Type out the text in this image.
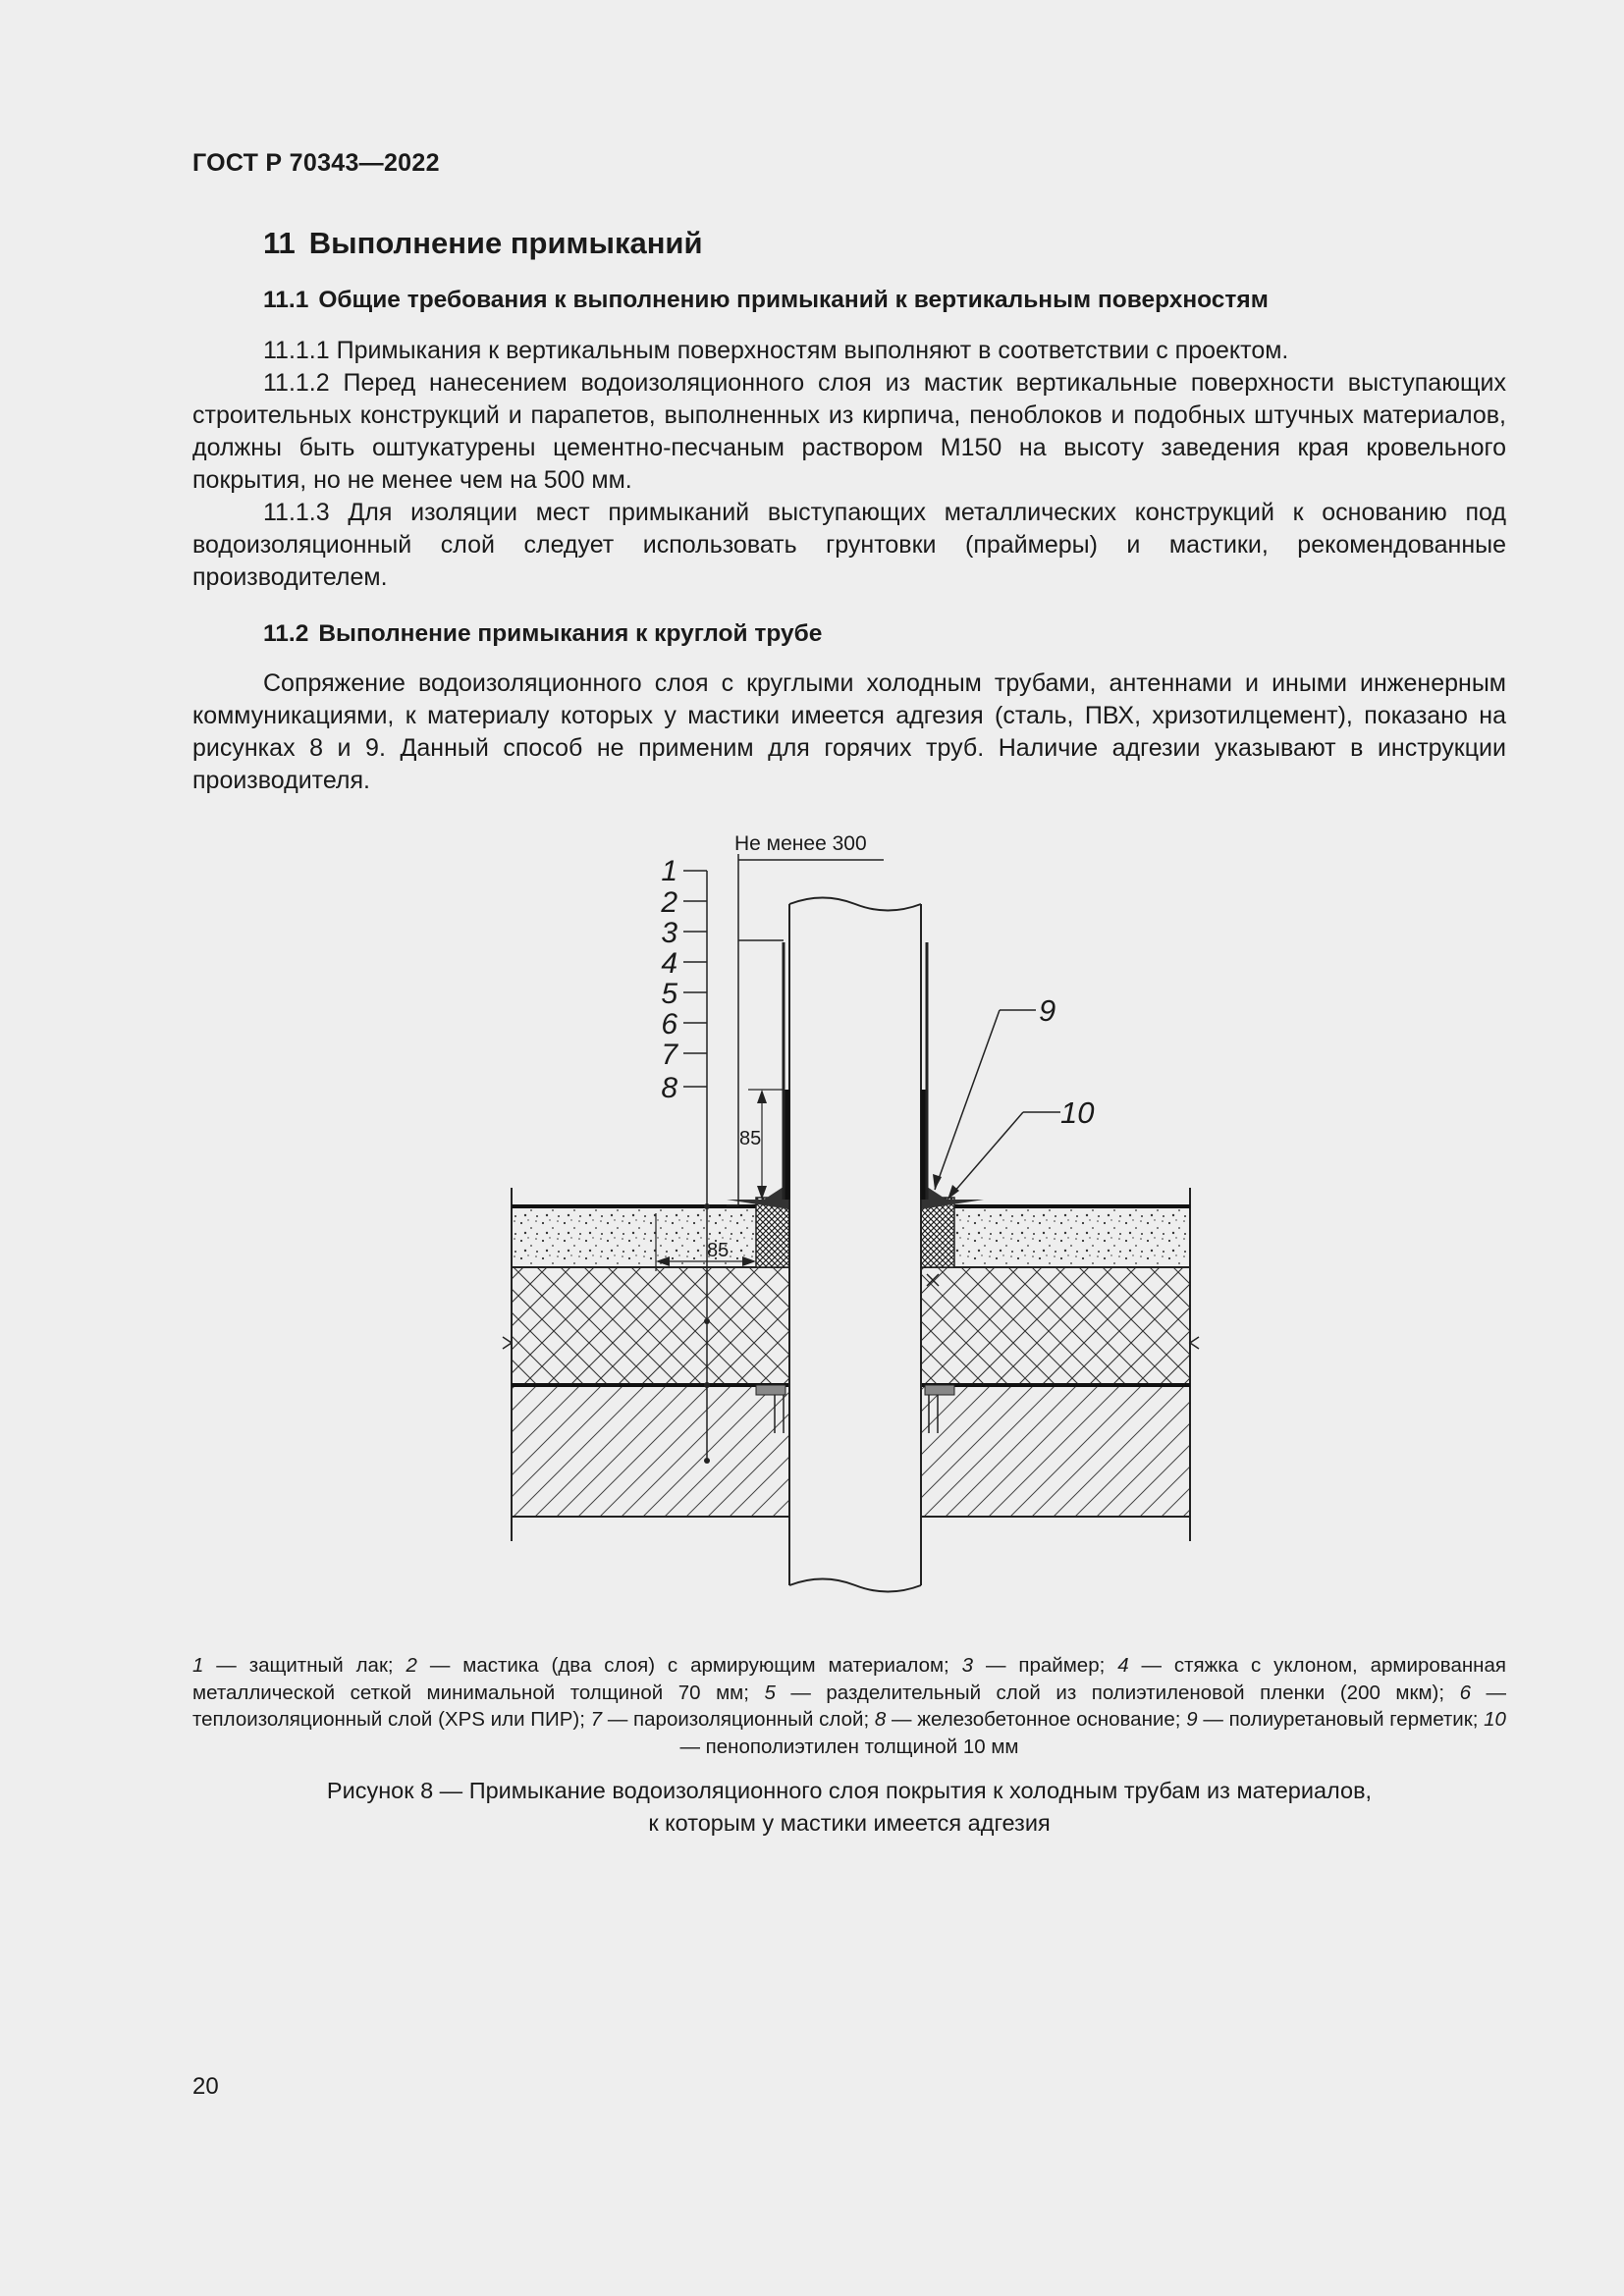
ГОСТ Р 70343—2022
11 Выполнение примыканий
11.1 Общие требования к выполнению примыканий к вертикальным поверхностям

11.1.1 Примыкания к вертикальным поверхностям выполняют в соответствии с проектом.

11.1.2 Перед нанесением водоизоляционного слоя из мастик вертикальные поверхности выступающих строительных конструкций и парапетов, выполненных из кирпича, пеноблоков и подобных штучных материалов, должны быть оштукатурены цементно-песчаным раствором М150 на высоту заведения края кровельного покрытия, но не менее чем на 500 мм.

11.1.3 Для изоляции мест примыканий выступающих металлических конструкций к основанию под водоизоляционный слой следует использовать грунтовки (праймеры) и мастики, рекомендованные производителем.

11.2 Выполнение примыкания к круглой трубе

Сопряжение водоизоляционного слоя с круглыми холодным трубами, антеннами и иными инженерным коммуникациями, к материалу которых у мастики имеется адгезия (сталь, ПВХ, хризотилцемент), показано на рисунках 8 и 9. Данный способ не применим для горячих труб. Наличие адгезии указывают в инструкции производителя.

Не менее 300
85
85
1
2
3
4
5
6
7
8
9
10
1 — защитный лак; 2 — мастика (два слоя) с армирующим материалом; 3 — праймер; 4 — стяжка с уклоном, армированная металлической сеткой минимальной толщиной 70 мм; 5 — разделительный слой из полиэтиленовой пленки (200 мкм); 6 — теплоизоляционный слой (XPS или ПИР); 7 — пароизоляционный слой; 8 — железобетонное основание; 9 — полиуретановый герметик; 10 — пенополиэтилен толщиной 10 мм
Рисунок 8 — Примыкание водоизоляционного слоя покрытия к холодным трубам из материалов,
к которым у мастики имеется адгезия
20
